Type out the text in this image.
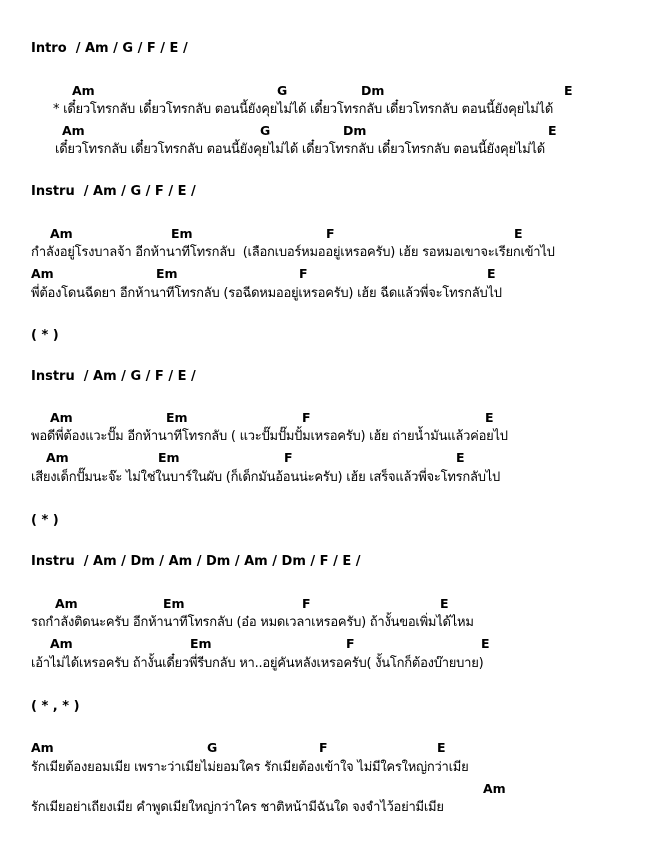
Intro  / Am / G / F / E /
Am	G	Dm	E
* เดี๋ยวโทรกลับ เดี๋ยวโทรกลับ ตอนนี้ยังคุยไม่ได้ เดี๋ยวโทรกลับ เดี๋ยวโทรกลับ ตอนนี้ยังคุยไม่ได้
Am	G	Dm	E
เดี๋ยวโทรกลับ เดี๋ยวโทรกลับ ตอนนี้ยังคุยไม่ได้ เดี๋ยวโทรกลับ เดี๋ยวโทรกลับ ตอนนี้ยังคุยไม่ได้
Instru  / Am / G / F / E /
Am	Em	F	E
กำลังอยู่โรงบาลจ้า อีกห้านาทีโทรกลับ  (เลือกเบอร์หมออยู่เหรอครับ) เฮ้ย รอหมอเขาจะเรียกเข้าไป
Am	Em	F	E
พี่ต้องโดนฉีดยา อีกห้านาทีโทรกลับ (รอฉีดหมออยู่เหรอครับ) เฮ้ย ฉีดแล้วพี่จะโทรกลับไป
( * )
Instru  / Am / G / F / E /
Am	Em	F	E
พอดีพี่ต้องแวะปั๊ม อีกห้านาทีโทรกลับ ( แวะปั๊มปั๊มปั้มเหรอครับ) เฮ้ย ถ่ายน้ำมันแล้วค่อยไป
Am	Em	F	E
เสียงเด็กปั๊มนะจ๊ะ ไม่ใช่ในบาร์ในผับ (ก็เด็กมันอ้อนน่ะครับ) เฮ้ย เสร็จแล้วพี่จะโทรกลับไป
( * )
Instru  / Am / Dm / Am / Dm / Am / Dm / F / E /
Am	Em	F	E
รถกำลังติดนะครับ อีกห้านาทีโทรกลับ (อ๋อ หมดเวลาเหรอครับ) ถ้างั้นขอเพิ่มได้ไหม
Am	Em	F	E
เอ้าไม่ได้เหรอครับ ถ้างั้นเดี๋ยวพี่รีบกลับ หา..อยู่คันหลังเหรอครับ( งั้นโกก็ต้องบ๊ายบาย)
( * , * )
Am	G	F	E
รักเมียต้องยอมเมีย เพราะว่าเมียไม่ยอมใคร รักเมียต้องเข้าใจ ไม่มีใครใหญ่กว่าเมีย
Am
รักเมียอย่าเถียงเมีย คำพูดเมียใหญ่กว่าใคร ชาติหน้ามีฉันใด จงจำไว้อย่ามีเมีย
